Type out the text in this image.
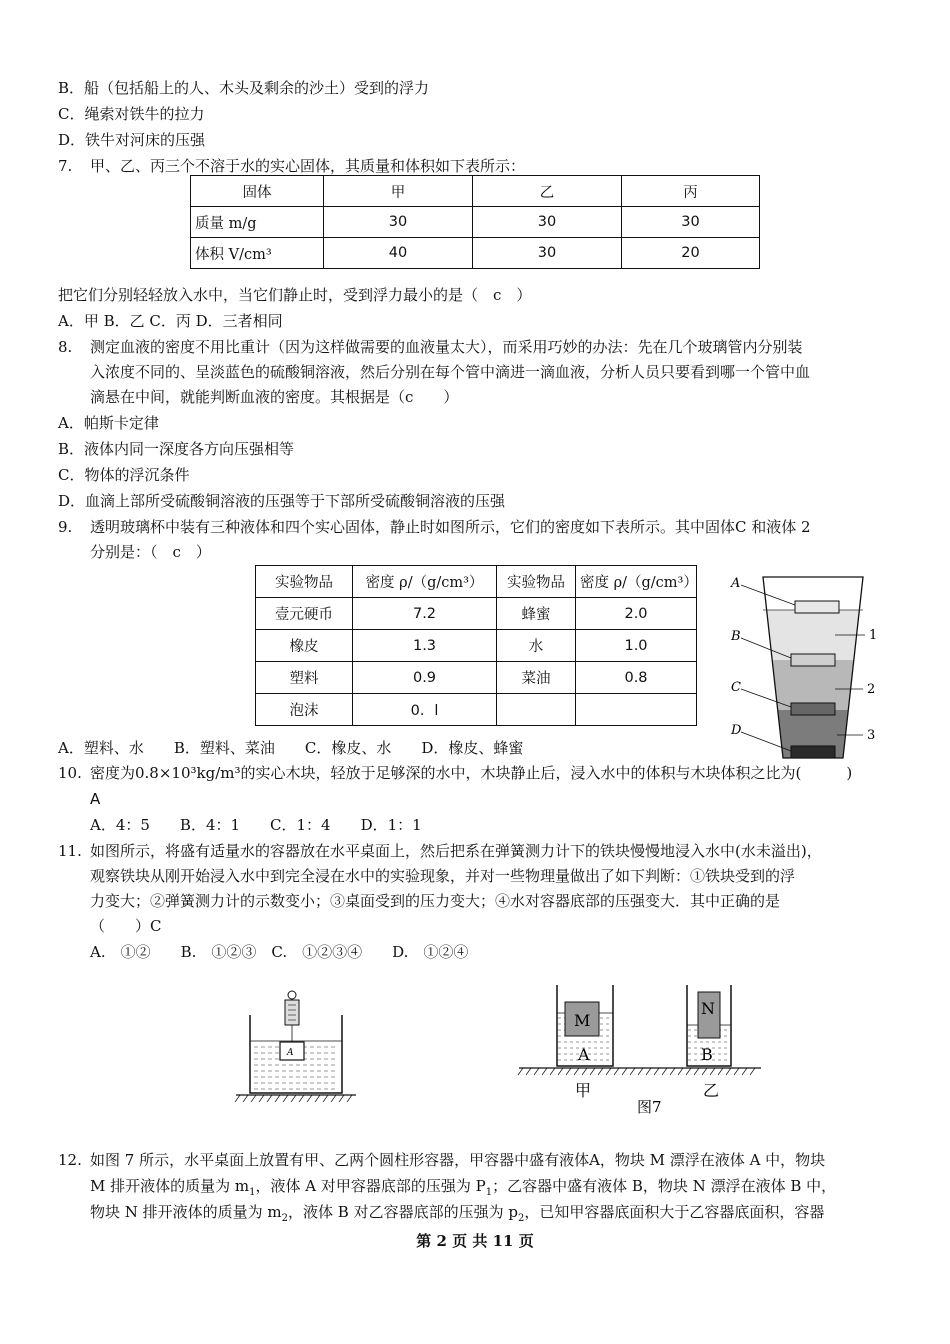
B．船（包括船上的人、木头及剩余的沙土）受到的浮力
C．绳索对铁牛的拉力
D．铁牛对河床的压强
7. 甲、乙、丙三个不溶于水的实心固体，其质量和体积如下表所示：
固体	甲	乙	丙
质量 m/g	30	30	30
体积 V/cm³	40	30	20
把它们分别轻轻放入水中，当它们静止时，受到浮力最小的是（　c　）
A．甲 B．乙 C．丙 D．三者相同
8. 测定血液的密度不用比重计（因为这样做需要的血液量太大），而采用巧妙的办法：先在几个玻璃管内分别装
入浓度不同的、呈淡蓝色的硫酸铜溶液，然后分别在每个管中滴进一滴血液，分析人员只要看到哪一个管中血
滴悬在中间，就能判断血液的密度。其根据是（c　　）
A．帕斯卡定律
B．液体内同一深度各方向压强相等
C．物体的浮沉条件
D．血滴上部所受硫酸铜溶液的压强等于下部所受硫酸铜溶液的压强
9. 透明玻璃杯中装有三种液体和四个实心固体，静止时如图所示，它们的密度如下表所示。其中固体C 和液体 2
分别是：（　c　）
实验物品	密度 ρ/（g/cm³）	实验物品	密度 ρ/（g/cm³）
壹元硬币	7.2	蜂蜜	2.0
橡皮	1.3	水	1.0
塑料	0.9	菜油	0.8
泡沫	0．l		
A
B
C
D
1
2
3
A．塑料、水　　B．塑料、菜油　　C．橡皮、水　　D．橡皮、蜂蜜
10. 密度为0.8×10³kg/m³的实心木块，轻放于足够深的水中，木块静止后，浸入水中的体积与木块体积之比为(　　　)
A
A．4：5　　B．4：1　　C．1：4　　D．1：1
11. 如图所示，将盛有适量水的容器放在水平桌面上，然后把系在弹簧测力计下的铁块慢慢地浸入水中(水未溢出)，
观察铁块从刚开始浸入水中到完全浸在水中的实验现象，并对一些物理量做出了如下判断：①铁块受到的浮
力变大；②弹簧测力计的示数变小；③桌面受到的压力变大；④水对容器底部的压强变大．其中正确的是
（　　）C
A.　①②　　B.　①②③　C.　①②③④　　D.　①②④
A
M
A
N
B
甲	乙
图7
12. 如图 7 所示，水平桌面上放置有甲、乙两个圆柱形容器，甲容器中盛有液体A，物块 M 漂浮在液体 A 中，物块
M 排开液体的质量为 $m_1$，液体 A 对甲容器底部的压强为 $P_1$；乙容器中盛有液体 B，物块 N 漂浮在液体 B 中，
物块 N 排开液体的质量为 $m_2$，液体 B 对乙容器底部的压强为 $p_2$，已知甲容器底面积大于乙容器底面积，容器
第 2 页 共 11 页
